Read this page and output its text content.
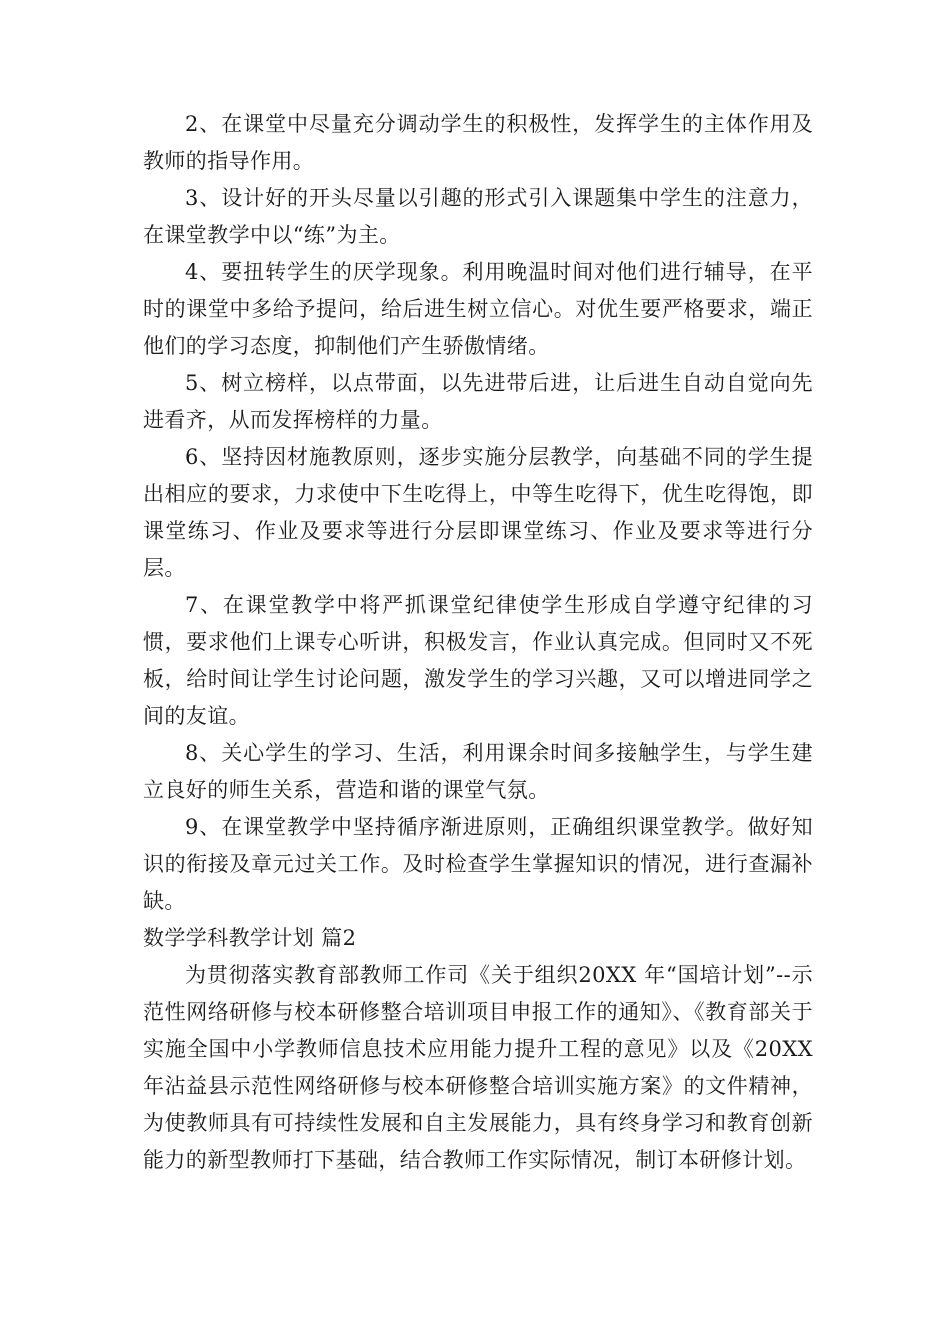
2、在课堂中尽量充分调动学生的积极性，发挥学生的主体作用及教师的指导作用。

3、设计好的开头尽量以引趣的形式引入课题集中学生的注意力，在课堂教学中以“练”为主。

4、要扭转学生的厌学现象。利用晚温时间对他们进行辅导，在平时的课堂中多给予提问，给后进生树立信心。对优生要严格要求，端正他们的学习态度，抑制他们产生骄傲情绪。

5、树立榜样，以点带面，以先进带后进，让后进生自动自觉向先进看齐，从而发挥榜样的力量。

6、坚持因材施教原则，逐步实施分层教学，向基础不同的学生提出相应的要求，力求使中下生吃得上，中等生吃得下，优生吃得饱，即课堂练习、作业及要求等进行分层即课堂练习、作业及要求等进行分层。

7、在课堂教学中将严抓课堂纪律使学生形成自学遵守纪律的习惯，要求他们上课专心听讲，积极发言，作业认真完成。但同时又不死板，给时间让学生讨论问题，激发学生的学习兴趣，又可以增进同学之间的友谊。

8、关心学生的学习、生活，利用课余时间多接触学生，与学生建立良好的师生关系，营造和谐的课堂气氛。

9、在课堂教学中坚持循序渐进原则，正确组织课堂教学。做好知识的衔接及章元过关工作。及时检查学生掌握知识的情况，进行查漏补缺。

数学学科教学计划 篇2

为贯彻落实教育部教师工作司《关于组织20XX 年“国培计划”--示范性网络研修与校本研修整合培训项目申报工作的通知》、《教育部关于实施全国中小学教师信息技术应用能力提升工程的意见》以及《20XX 年沾益县示范性网络研修与校本研修整合培训实施方案》的文件精神，为使教师具有可持续性发展和自主发展能力，具有终身学习和教育创新能力的新型教师打下基础，结合教师工作实际情况，制订本研修计划。
